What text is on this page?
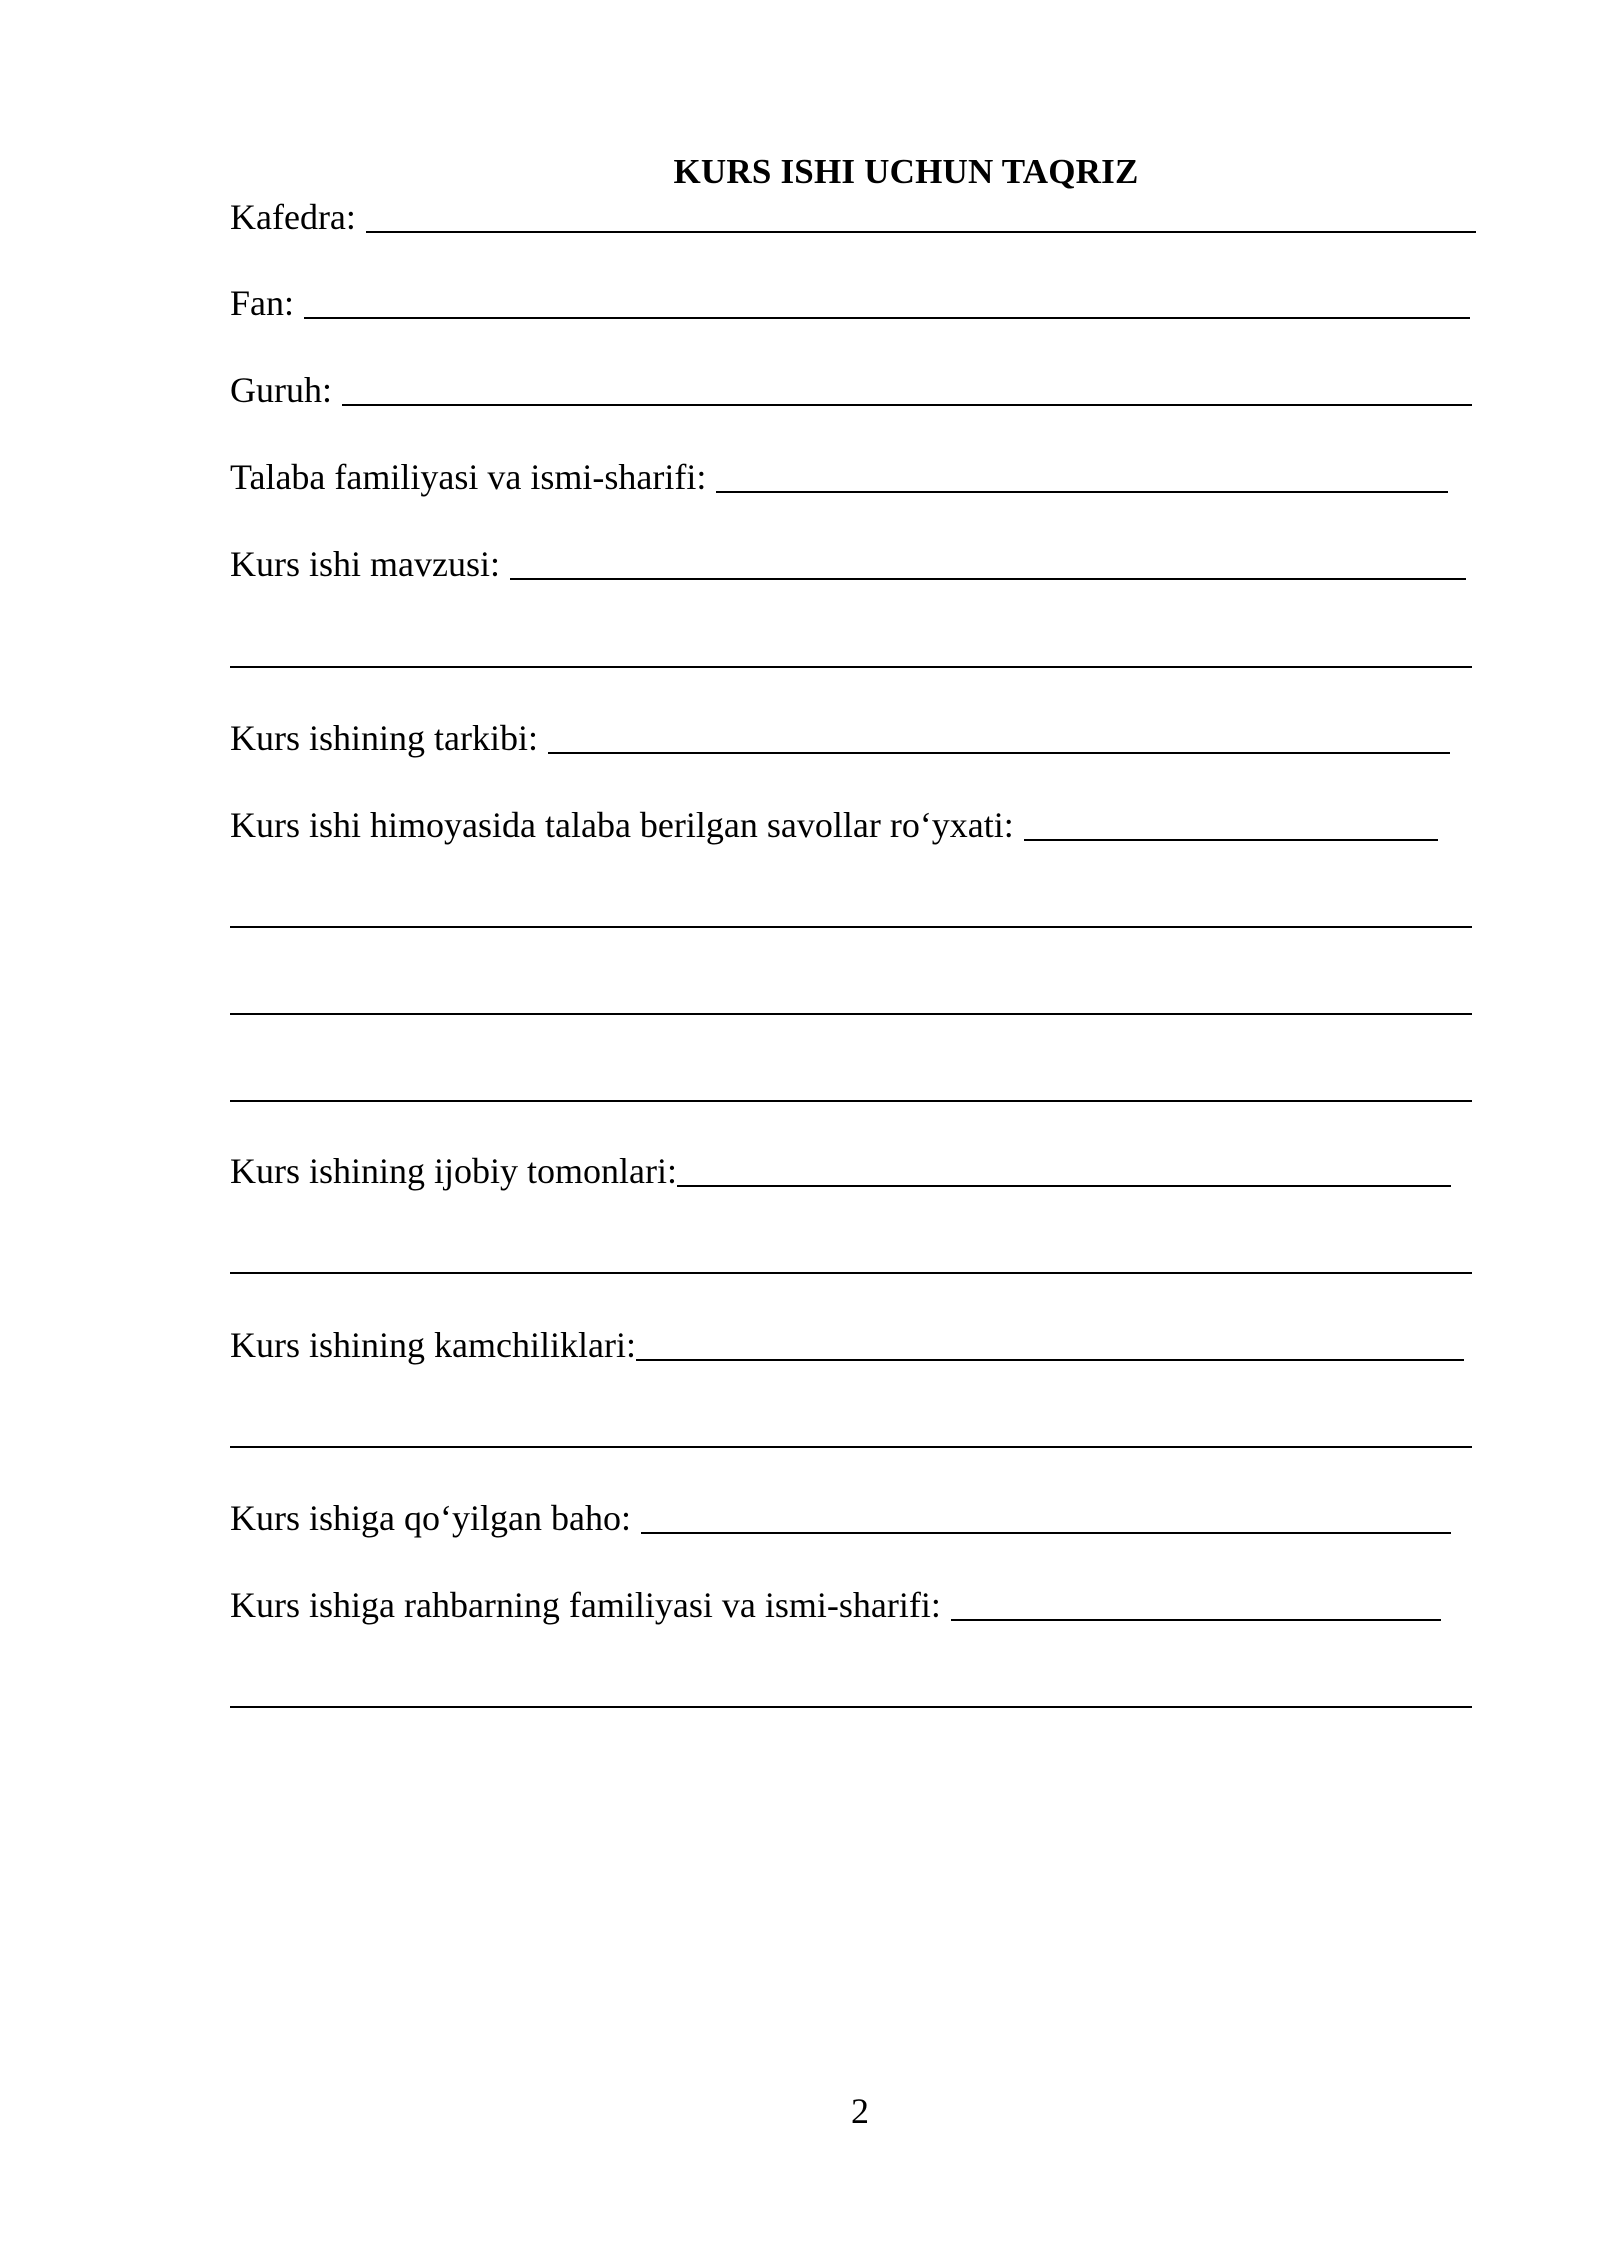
KURS ISHI UCHUN TAQRIZ
Kafedra:
Fan:
Guruh:
Talaba familiyasi va ismi-sharifi:
Kurs ishi mavzusi:
Kurs ishining tarkibi:
Kurs ishi himoyasida talaba berilgan savollar ro‘yxati:
Kurs ishining ijobiy tomonlari:
Kurs ishining kamchiliklari:
Kurs ishiga qo‘yilgan baho:
Kurs ishiga rahbarning familiyasi va ismi-sharifi:
2
